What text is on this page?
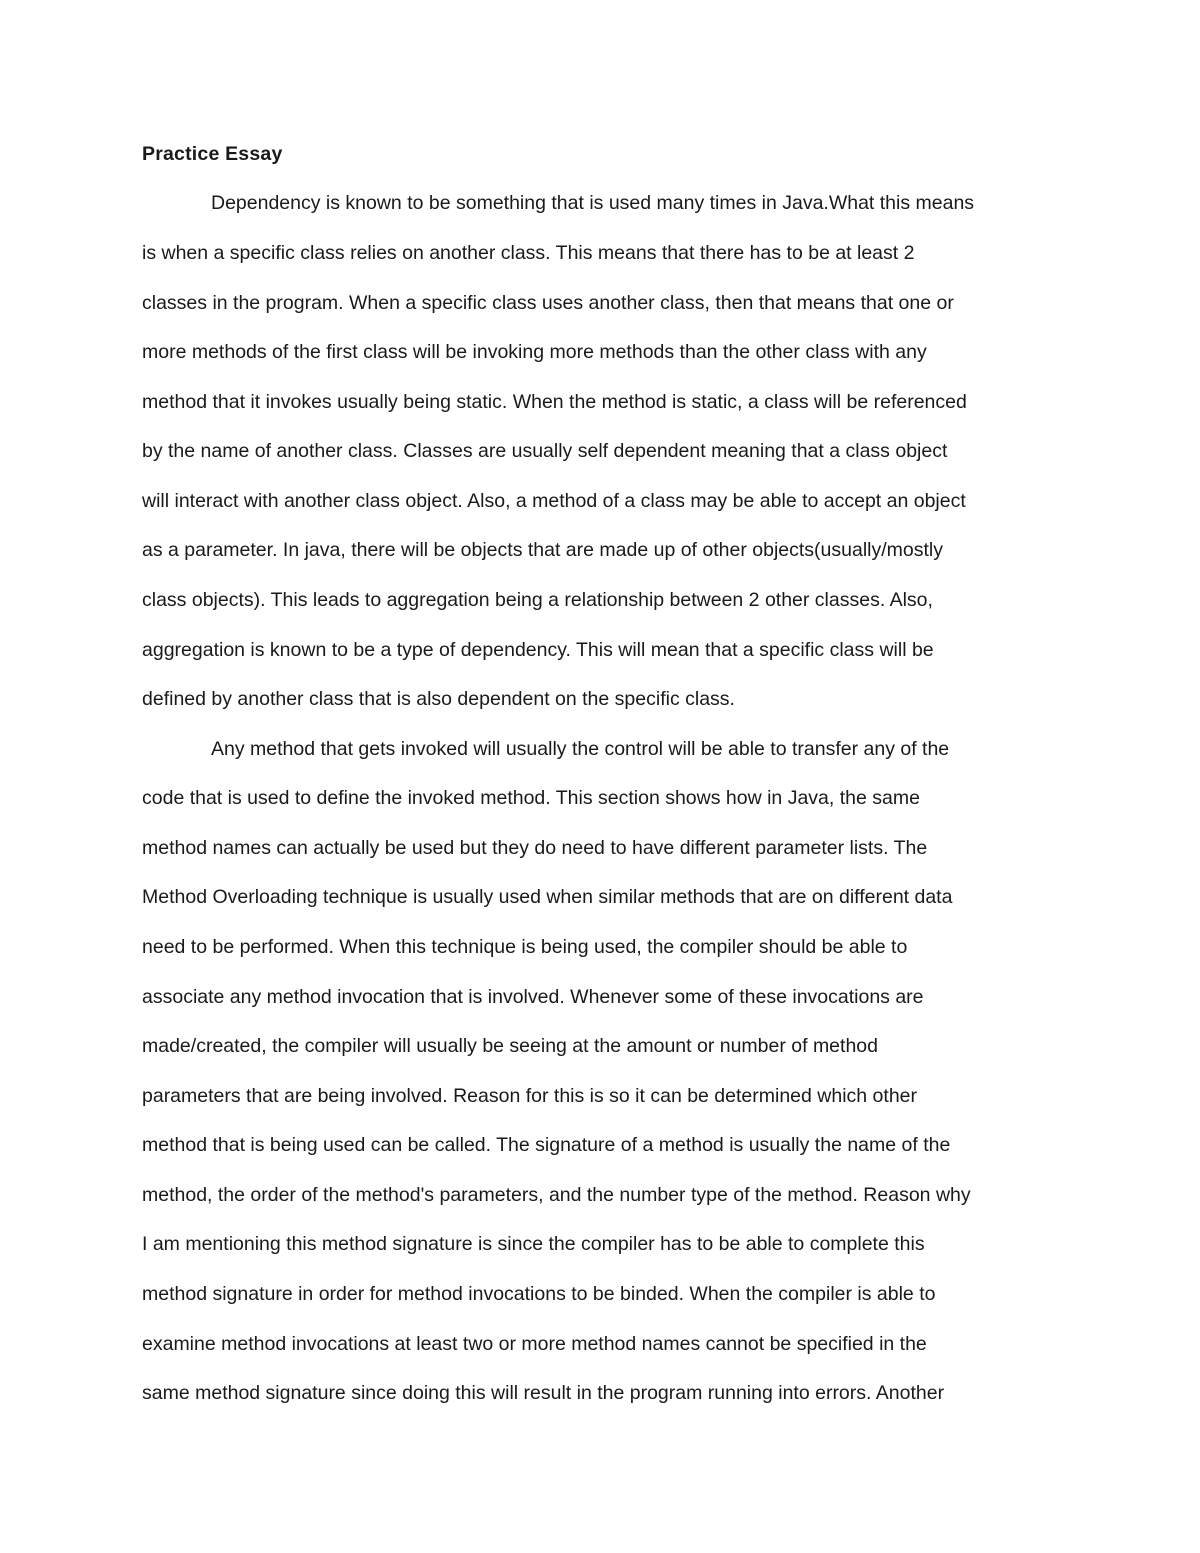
Practice Essay
Dependency is known to be something that is used many times in Java.What this means
is when a specific class relies on another class. This means that there has to be at least 2
classes in the program. When a specific class uses another class, then that means that one or
more methods of the first class will be invoking more methods than the other class with any
method that it invokes usually being static. When the method is static, a class will be referenced
by the name of another class. Classes are usually self dependent meaning that a class object
will interact with another class object. Also, a method of a class may be able to accept an object
as a parameter. In java, there will be objects that are made up of other objects(usually/mostly
class objects). This leads to aggregation being a relationship between 2 other classes. Also,
aggregation is known to be a type of dependency. This will mean that a specific class will be
defined by another class that is also dependent on the specific class.
Any method that gets invoked will usually the control will be able to transfer any of the
code that is used to define the invoked method. This section shows how in Java, the same
method names can actually be used but they do need to have different parameter lists. The
Method Overloading technique is usually used when similar methods that are on different data
need to be performed. When this technique is being used, the compiler should be able to
associate any method invocation that is involved. Whenever some of these invocations are
made/created, the compiler will usually be seeing at the amount or number of method
parameters that are being involved. Reason for this is so it can be determined which other
method that is being used can be called. The signature of a method is usually the name of the
method, the order of the method's parameters, and the number type of the method. Reason why
I am mentioning this method signature is since the compiler has to be able to complete this
method signature in order for method invocations to be binded. When the compiler is able to
examine method invocations at least two or more method names cannot be specified in the
same method signature since doing this will result in the program running into errors. Another
